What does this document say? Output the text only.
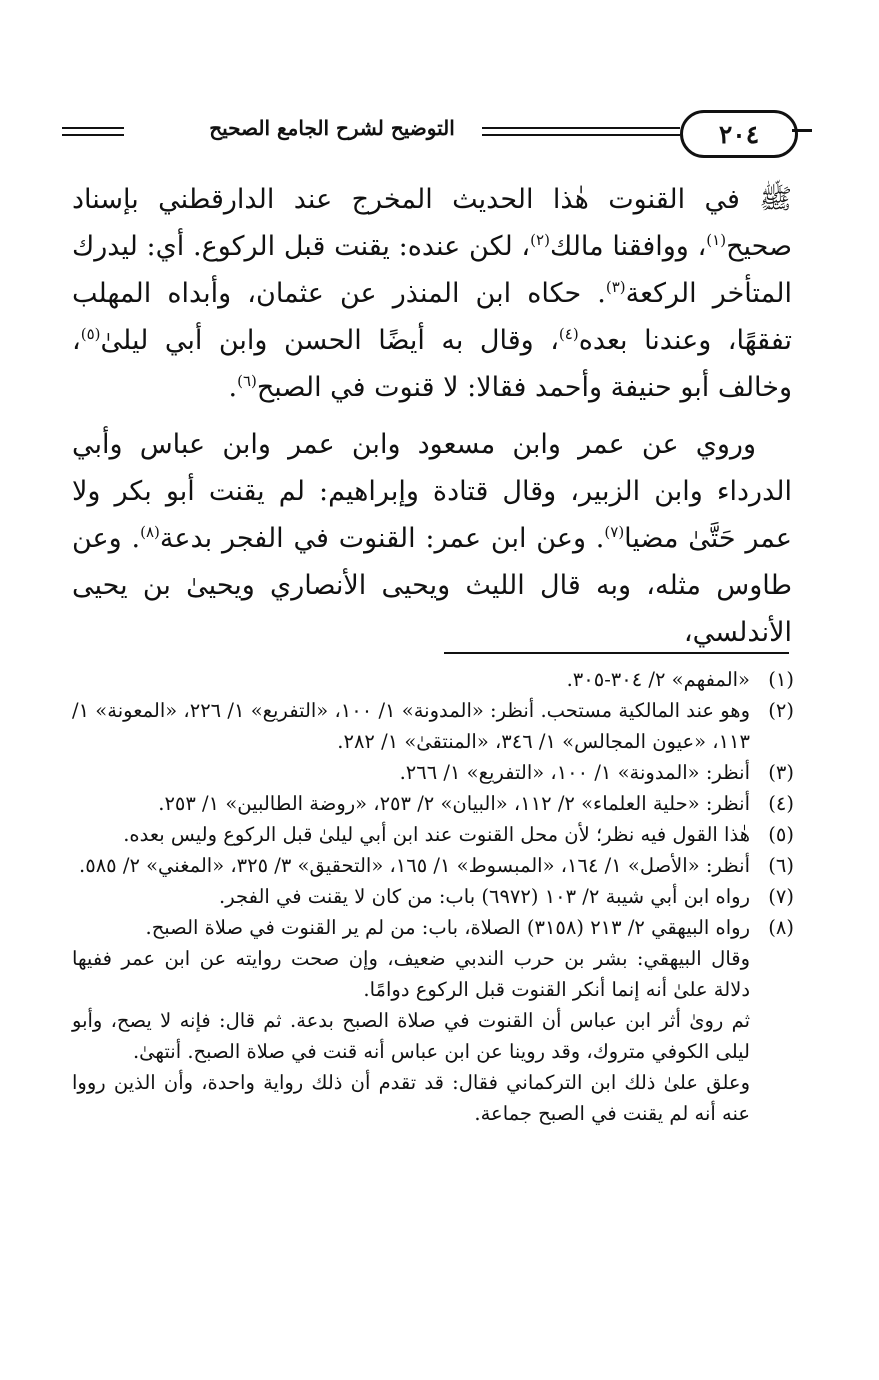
التوضيح لشرح الجامع الصحيح	٢٠٤

ﷺ في القنوت هٰذا الحديث المخرج عند الدارقطني بإسناد صحيح$^{(١)}$، ووافقنا مالك$^{(٢)}$، لكن عنده: يقنت قبل الركوع. أي: ليدرك المتأخر الركعة$^{(٣)}$. حكاه ابن المنذر عن عثمان، وأبداه المهلب تفقهًا، وعندنا بعده$^{(٤)}$، وقال به أيضًا الحسن وابن أبي ليلىٰ$^{(٥)}$، وخالف أبو حنيفة وأحمد فقالا: لا قنوت في الصبح$^{(٦)}$.

وروي عن عمر وابن مسعود وابن عمر وابن عباس وأبي الدرداء وابن الزبير، وقال قتادة وإبراهيم: لم يقنت أبو بكر ولا عمر حَتَّىٰ مضيا$^{(٧)}$. وعن ابن عمر: القنوت في الفجر بدعة$^{(٨)}$. وعن طاوس مثله، وبه قال الليث ويحيى الأنصاري ويحيىٰ بن يحيى الأندلسي،

(١)

«المفهم» ٢/ ٣٠٤-٣٠٥.

(٢)

وهو عند المالكية مستحب. أنظر: «المدونة» ١/ ١٠٠، «التفريع» ١/ ٢٢٦، «المعونة» ١/ ١١٣، «عيون المجالس» ١/ ٣٤٦، «المنتقىٰ» ١/ ٢٨٢.

(٣)

أنظر: «المدونة» ١/ ١٠٠، «التفريع» ١/ ٢٦٦.

(٤)

أنظر: «حلية العلماء» ٢/ ١١٢، «البيان» ٢/ ٢٥٣، «روضة الطالبين» ١/ ٢٥٣.

(٥)

هٰذا القول فيه نظر؛ لأن محل القنوت عند ابن أبي ليلىٰ قبل الركوع وليس بعده.

(٦)

أنظر: «الأصل» ١/ ١٦٤، «المبسوط» ١/ ١٦٥، «التحقيق» ٣/ ٣٢٥، «المغني» ٢/ ٥٨٥.

(٧)

رواه ابن أبي شيبة ٢/ ١٠٣ (٦٩٧٢) باب: من كان لا يقنت في الفجر.

(٨)

رواه البيهقي ٢/ ٢١٣ (٣١٥٨) الصلاة، باب: من لم ير القنوت في صلاة الصبح.

وقال البيهقي: بشر بن حرب الندبي ضعيف، وإن صحت روايته عن ابن عمر ففيها دلالة علىٰ أنه إنما أنكر القنوت قبل الركوع دوامًا.

ثم روىٰ أثر ابن عباس أن القنوت في صلاة الصبح بدعة. ثم قال: فإنه لا يصح، وأبو ليلى الكوفي متروك، وقد روينا عن ابن عباس أنه قنت في صلاة الصبح. أنتهىٰ.

وعلق علىٰ ذلك ابن التركماني فقال: قد تقدم أن ذلك رواية واحدة، وأن الذين رووا عنه أنه لم يقنت في الصبح جماعة.
